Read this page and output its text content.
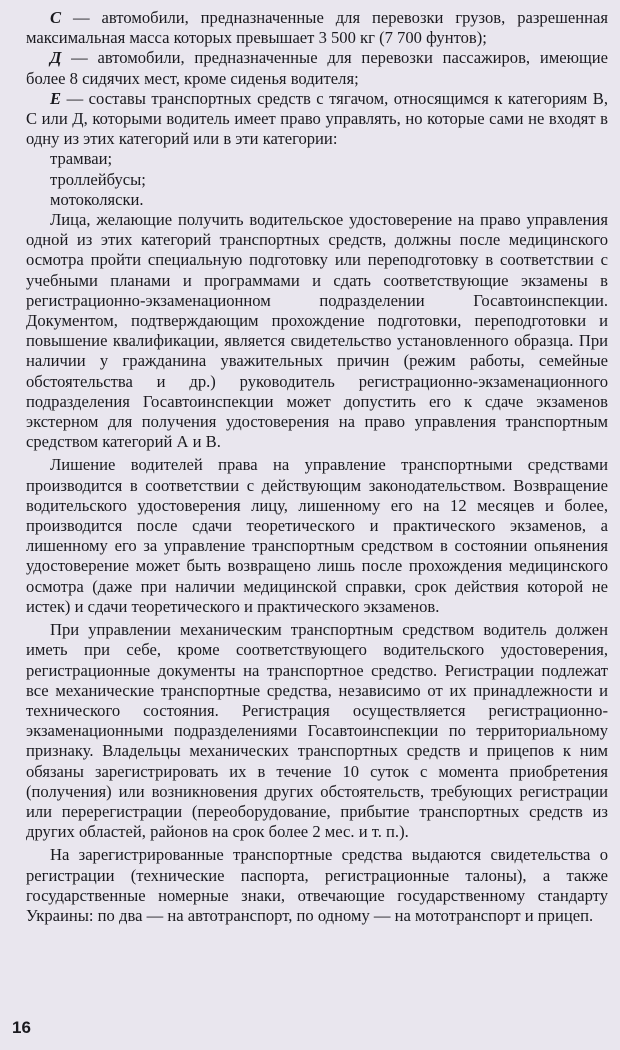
С — автомобили, предназначенные для перевозки грузов, разрешенная максимальная масса которых превышает 3 500 кг (7 700 фунтов);

Д — автомобили, предназначенные для перевозки пассажиров, имеющие более 8 сидячих мест, кроме сиденья водителя;

Е — составы транспортных средств с тягачом, относящимся к категориям В, С или Д, которыми водитель имеет право управлять, но которые сами не входят в одну из этих категорий или в эти категории:

трамваи;

троллейбусы;

мотоколяски.

Лица, желающие получить водительское удостоверение на право управления одной из этих категорий транспортных средств, должны после медицинского осмотра пройти специальную подготовку или переподготовку в соответствии с учебными планами и программами и сдать соответствующие экзамены в регистрационно-экзаменационном подразделении Госавтоинспекции. Документом, подтверждающим прохождение подготовки, переподготовки и повышение квалификации, является свидетельство установленного образца. При наличии у гражданина уважительных причин (режим работы, семейные обстоятельства и др.) руководитель регистрационно-экзаменационного подразделения Госавтоинспекции может допустить его к сдаче экзаменов экстерном для получения удостоверения на право управления транспортным средством категорий А и В.

Лишение водителей права на управление транспортными средствами производится в соответствии с действующим законодательством. Возвращение водительского удостоверения лицу, лишенному его на 12 месяцев и более, производится после сдачи теоретического и практического экзаменов, а лишенному его за управление транспортным средством в состоянии опьянения удостоверение может быть возвращено лишь после прохождения медицинского осмотра (даже при наличии медицинской справки, срок действия которой не истек) и сдачи теоретического и практического экзаменов.

При управлении механическим транспортным средством водитель должен иметь при себе, кроме соответствующего водительского удостоверения, регистрационные документы на транспортное средство. Регистрации подлежат все механические транспортные средства, независимо от их принадлежности и технического состояния. Регистрация осуществляется регистрационно-экзаменационными подразделениями Госавтоинспекции по территориальному признаку. Владельцы механических транспортных средств и прицепов к ним обязаны зарегистрировать их в течение 10 суток с момента приобретения (получения) или возникновения других обстоятельств, требующих регистрации или перерегистрации (переоборудование, прибытие транспортных средств из других областей, районов на срок более 2 мес. и т. п.).

На зарегистрированные транспортные средства выдаются свидетельства о регистрации (технические паспорта, регистрационные талоны), а также государственные номерные знаки, отвечающие государственному стандарту Украины: по два — на автотранспорт, по одному — на мототранспорт и прицеп.

16
